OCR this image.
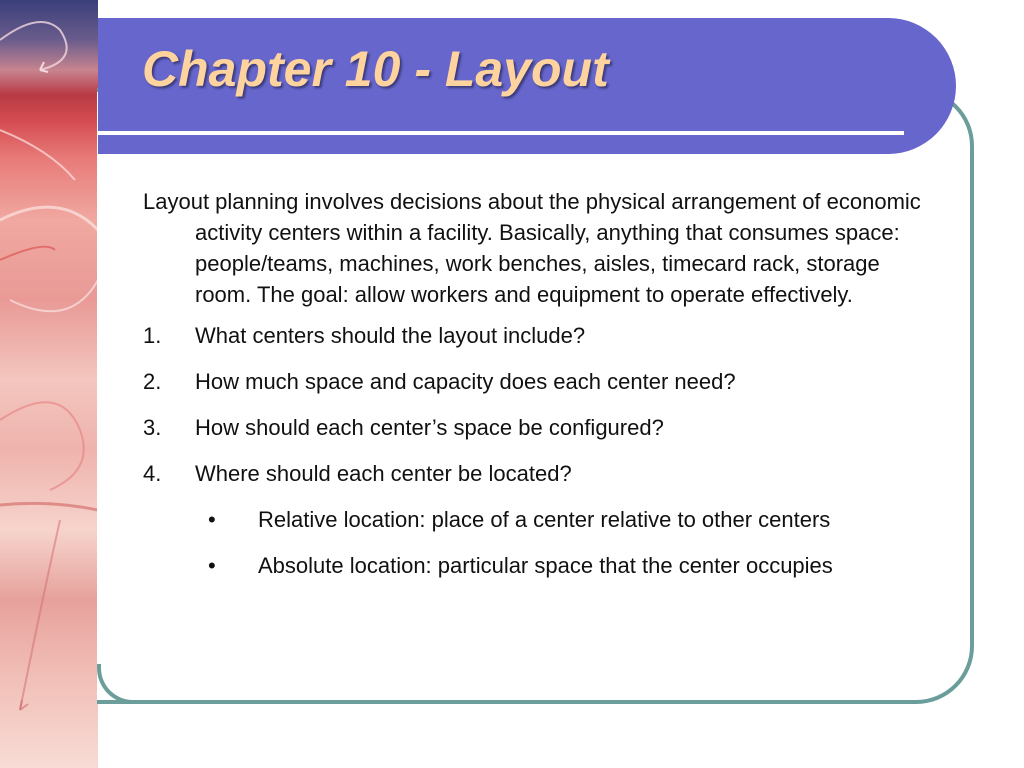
Chapter 10 - Layout

Layout planning involves decisions about the physical arrangement of economic activity centers within a facility. Basically, anything that consumes space: people/teams, machines, work benches, aisles, timecard rack, storage room. The goal: allow workers and equipment to operate effectively.

1.	What centers should the layout include?
2.	How much space and capacity does each center need?
3.	How should each center’s space be configured?
4.	Where should each center be located?
•	Relative location: place of a center relative to other centers
•	Absolute location: particular space that the center occupies
